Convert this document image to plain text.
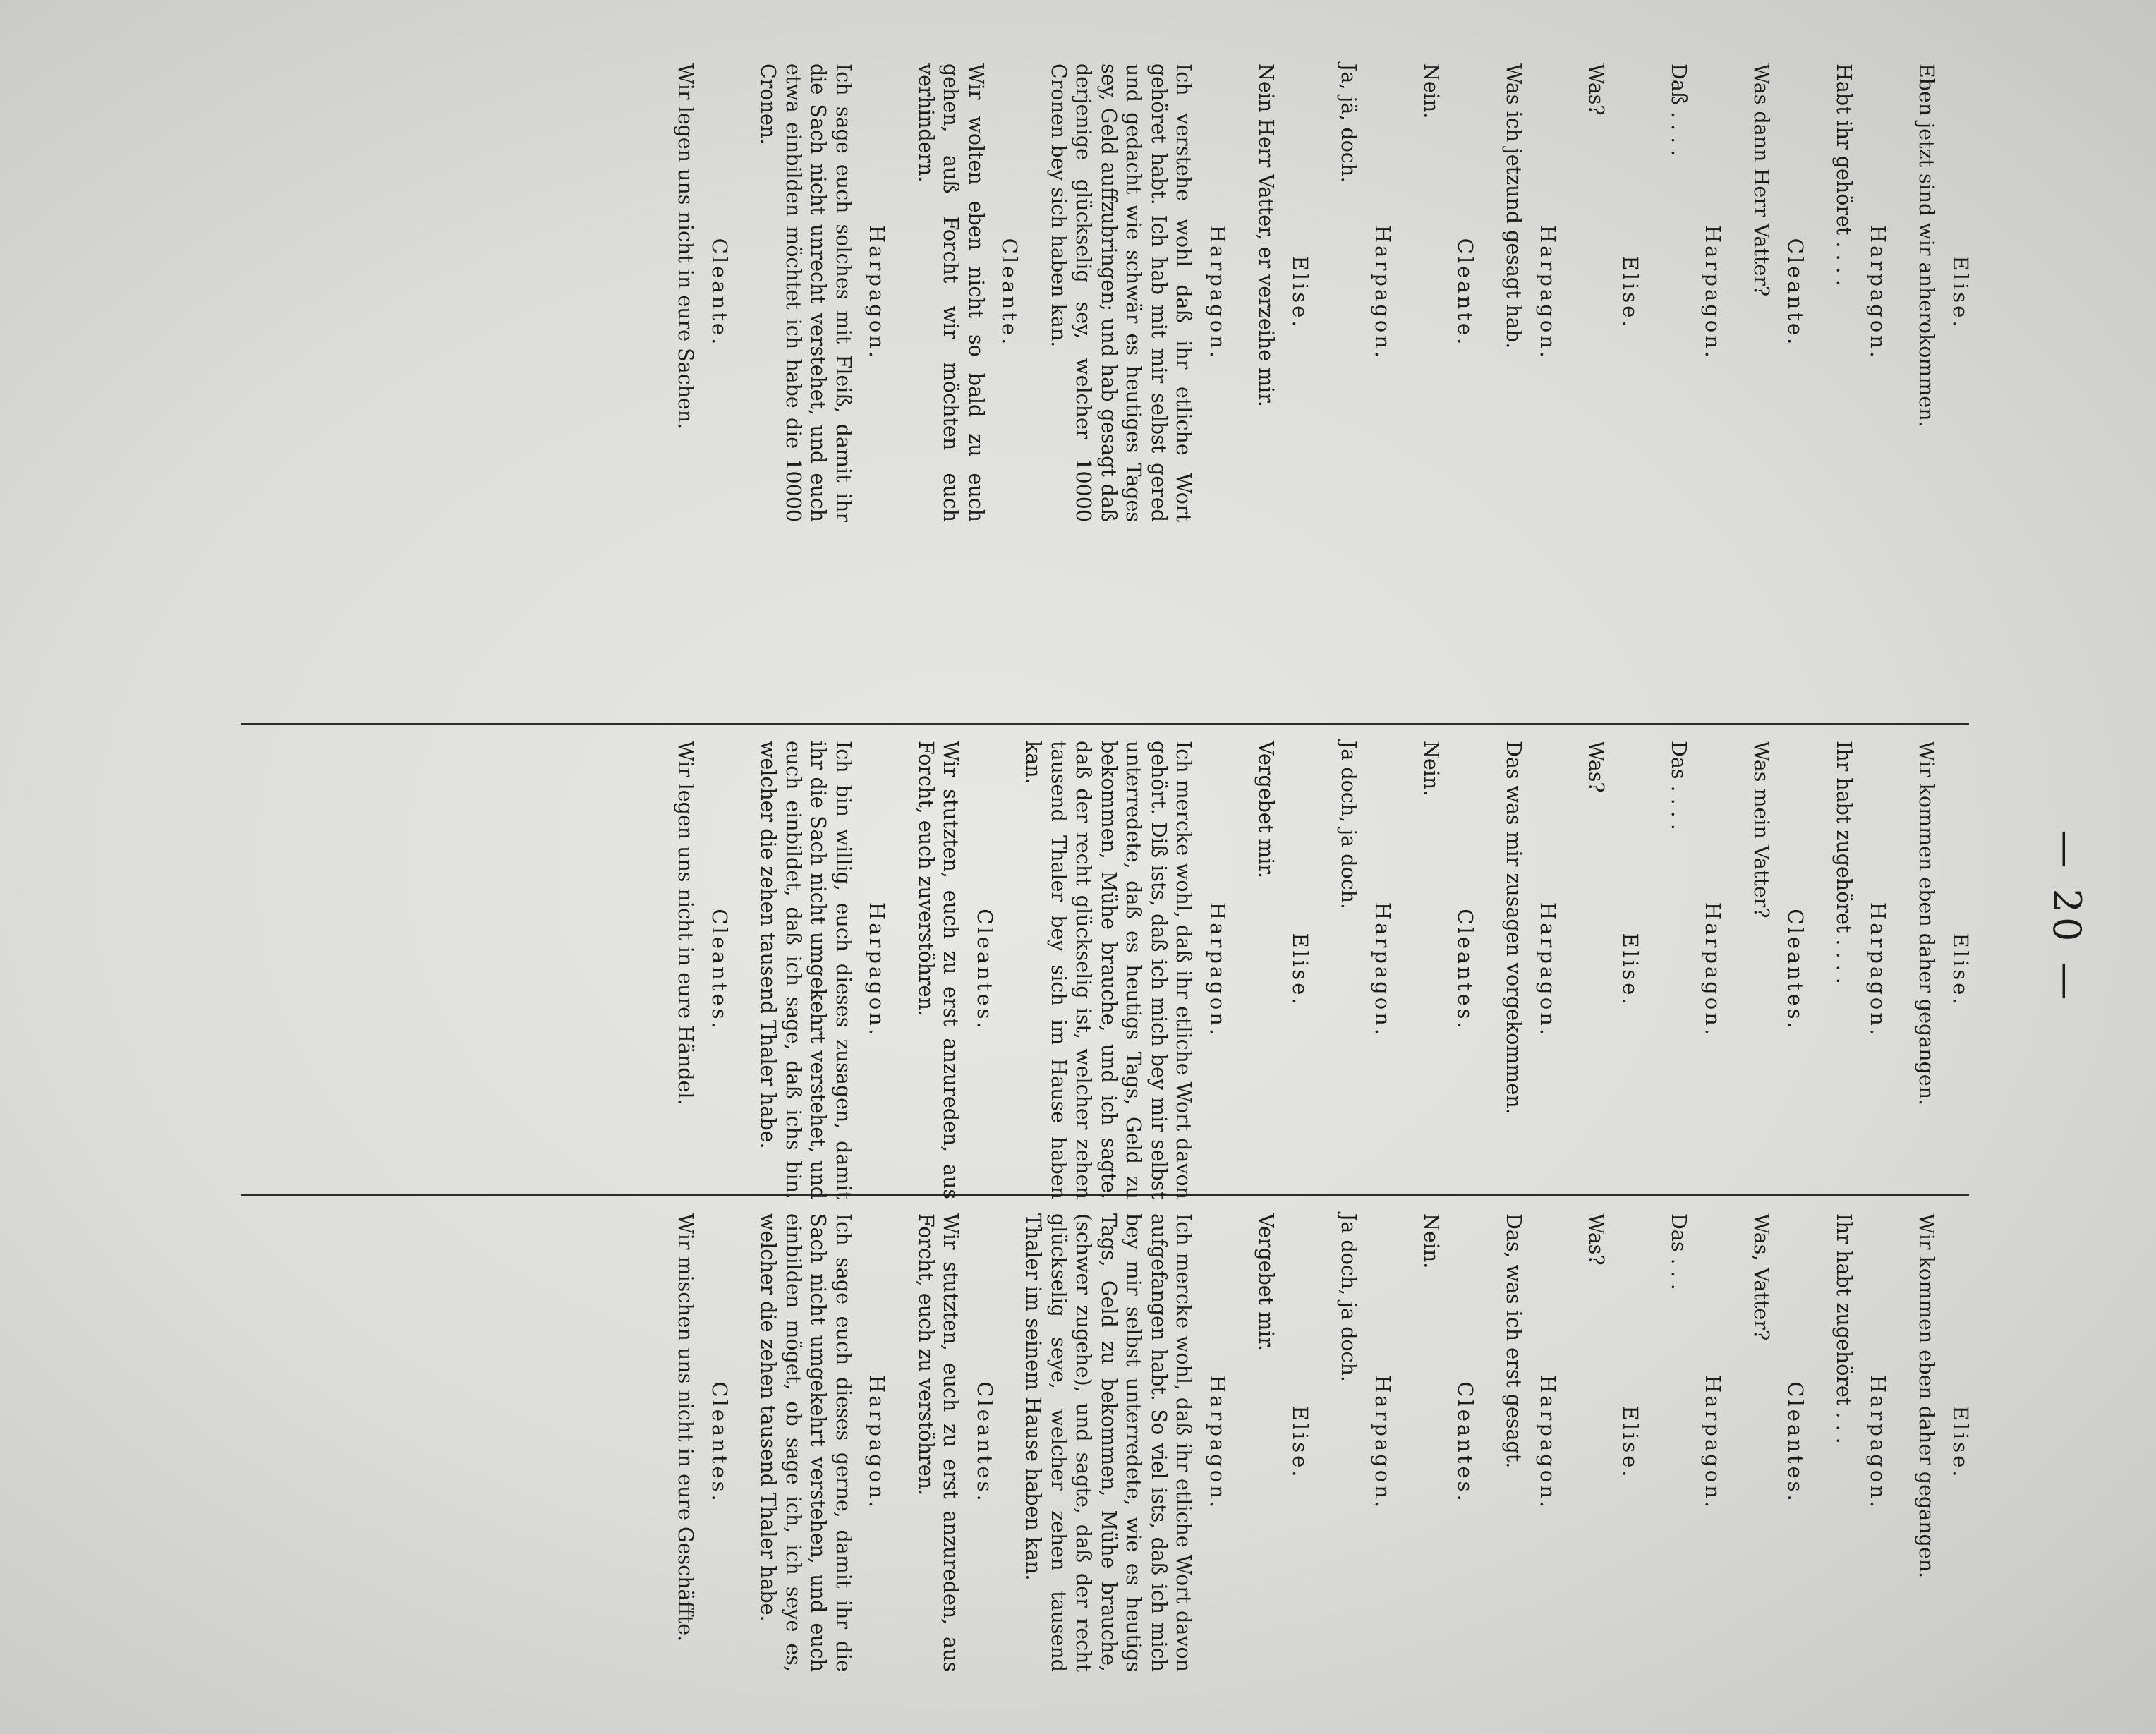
— 20 —
Elise.
Eben jetzt sind wir anherokommen.
Harpagon.
Habt ihr gehöret . . . .
Cleante.
Was dann Herr Vatter?
Harpagon.
Daß . . . .
Elise.
Was?
Harpagon.
Was ich jetzund gesagt hab.
Cleante.
Nein.
Harpagon.
Ja, jä, doch.
Elise.
Nein Herr Vatter, er verzeihe mir.
Harpagon.
Ich verstehe wohl daß ihr etliche Wort gehöret habt. Ich hab mit mir selbst gered und gedacht wie schwär es heutiges Tages sey, Geld auffzubringen; und hab gesagt daß derjenige glückselig sey, welcher 10000 Cronen bey sich haben kan.
Cleante.
Wir wolten eben nicht so bald zu euch gehen, auß Forcht wir möchten euch verhindern.
Harpagon.
Ich sage euch solches mit Fleiß, damit ihr die Sach nicht unrecht verstehet, und euch etwa einbilden möchtet ich habe die 10000 Cronen.
Cleante.
Wir legen uns nicht in eure Sachen.
Elise.
Wir kommen eben daher gegangen.
Harpagon.
Ihr habt zugehöret . . . .
Cleantes.
Was mein Vatter?
Harpagon.
Das . . . .
Elise.
Was?
Harpagon.
Das was mir zusagen vorgekommen.
Cleantes.
Nein.
Harpagon.
Ja doch, ja doch.
Elise.
Vergebet mir.
Harpagon.
Ich mercke wohl, daß ihr etliche Wort davon gehört. Diß ists, daß ich mich bey mir selbst unterredete, daß es heutigs Tags, Geld zu bekommen, Mühe brauche, und ich sagte, daß der recht glückselig ist, welcher zehen tausend Thaler bey sich im Hause haben kan.
Cleantes.
Wir stutzten, euch zu erst anzureden, aus Forcht, euch zuverstöhren.
Harpagon.
Ich bin willig, euch dieses zusagen, damit ihr die Sach nicht umgekehrt verstehet, und euch einbildet, daß ich sage, daß ichs bin, welcher die zehen tausend Thaler habe.
Cleantes.
Wir legen uns nicht in eure Händel.
Elise.
Wir kommen eben daher gegangen.
Harpagon.
Ihr habt zugehöret . . .
Cleantes.
Was, Vatter?
Harpagon.
Das . . .
Elise.
Was?
Harpagon.
Das, was ich erst gesagt.
Cleantes.
Nein.
Harpagon.
Ja doch, ja doch.
Elise.
Vergebet mir.
Harpagon.
Ich mercke wohl, daß ihr etliche Wort davon aufgefangen habt. So viel ists, daß ich mich bey mir selbst unterredete, wie es heutigs Tags, Geld zu bekommen, Mühe brauche, (schwer zugehe), und sagte, daß der recht glückselig seye, welcher zehen tausend Thaler im seinem Hause haben kan.
Cleantes.
Wir stutzten, euch zu erst anzureden, aus Forcht, euch zu verstöhren.
Harpagon.
Ich sage euch dieses gerne, damit ihr die Sach nicht umgekehrt verstehen, und euch einbilden möget, ob sage ich, ich seye es, welcher die zehen tausend Thaler habe.
Cleantes.
Wir mischen uns nicht in eure Geschäffte.
